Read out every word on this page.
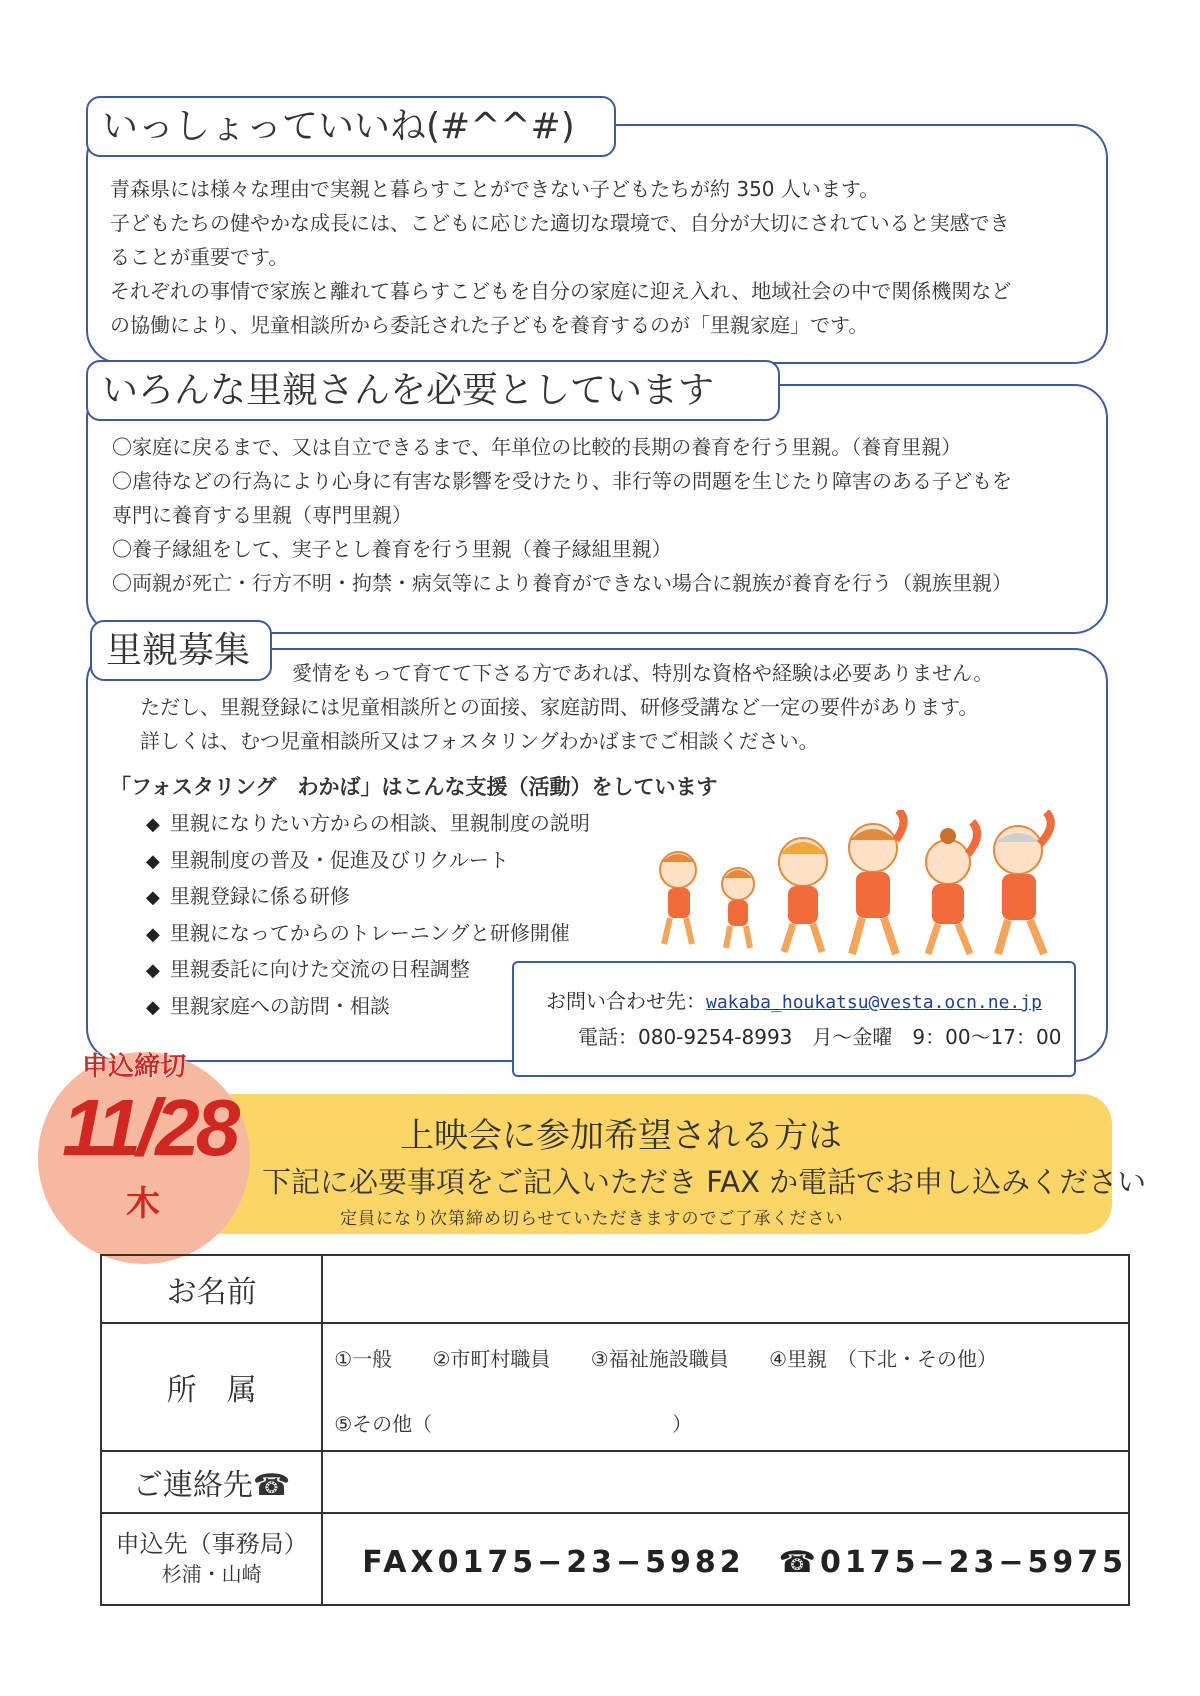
いっしょっていいね(#^^#)
青森県には様々な理由で実親と暮らすことができない子どもたちが約 350 人います。
子どもたちの健やかな成長には、こどもに応じた適切な環境で、自分が大切にされていると実感でき
ることが重要です。
それぞれの事情で家族と離れて暮らすこどもを自分の家庭に迎え入れ、地域社会の中で関係機関など
の協働により、児童相談所から委託された子どもを養育するのが「里親家庭」です。
いろんな里親さんを必要としています
〇家庭に戻るまで、又は自立できるまで、年単位の比較的長期の養育を行う里親。（養育里親）
〇虐待などの行為により心身に有害な影響を受けたり、非行等の問題を生じたり障害のある子どもを
専門に養育する里親（専門里親）
〇養子縁組をして、実子とし養育を行う里親（養子縁組里親）
〇両親が死亡・行方不明・拘禁・病気等により養育ができない場合に親族が養育を行う（親族里親）
里親募集
愛情をもって育てて下さる方であれば、特別な資格や経験は必要ありません。
ただし、里親登録には児童相談所との面接、家庭訪問、研修受講など一定の要件があります。
詳しくは、むつ児童相談所又はフォスタリングわかばまでご相談ください。
「フォスタリング　わかば」はこんな支援（活動）をしています
◆ 里親になりたい方からの相談、里親制度の説明
◆ 里親制度の普及・促進及びリクルート
◆ 里親登録に係る研修
◆ 里親になってからのトレーニングと研修開催
◆ 里親委託に向けた交流の日程調整
◆ 里親家庭への訪問・相談	お問い合わせ先：wakaba_houkatsu@vesta.ocn.ne.jp
電話：080-9254-8993　月～金曜　9：00～17：00
上映会に参加希望される方は
下記に必要事項をご記入いただき FAX か電話でお申し込みください
定員になり次第締め切らせていただきますのでご了承ください
申込締切
11/28
木
お名前	
所　属	①一般 ②市町村職員 ③福祉施設職員 ④里親　（下北・その他）
⑤その他（　　　　　　　　　　　　）

ご連絡先☎	

申込先（事務局）
杉浦・山崎	FAX0175−23−5982　☎0175−23−5975
